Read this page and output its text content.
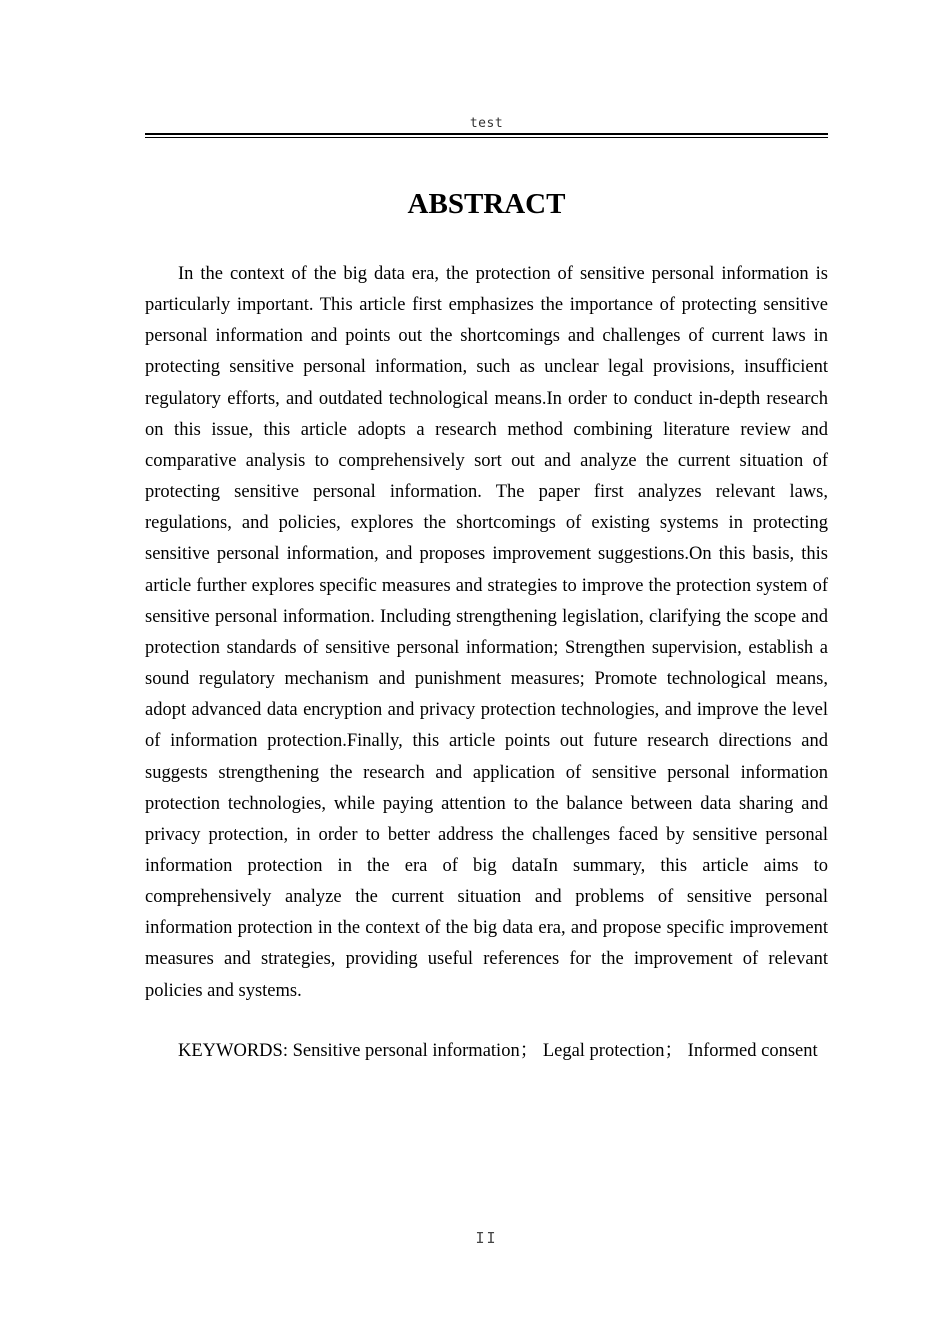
test
ABSTRACT

In the context of the big data era, the protection of sensitive personal information is particularly important. This article first emphasizes the importance of protecting sensitive personal information and points out the shortcomings and challenges of current laws in protecting sensitive personal information, such as unclear legal provisions, insufficient regulatory efforts, and outdated technological means.In order to conduct in-depth research on this issue, this article adopts a research method combining literature review and comparative analysis to comprehensively sort out and analyze the current situation of protecting sensitive personal information. The paper first analyzes relevant laws, regulations, and policies, explores the shortcomings of existing systems in protecting sensitive personal information, and proposes improvement suggestions.On this basis, this article further explores specific measures and strategies to improve the protection system of sensitive personal information. Including strengthening legislation, clarifying the scope and protection standards of sensitive personal information; Strengthen supervision, establish a sound regulatory mechanism and punishment measures; Promote technological means, adopt advanced data encryption and privacy protection technologies, and improve the level of information protection.Finally, this article points out future research directions and suggests strengthening the research and application of sensitive personal information protection technologies, while paying attention to the balance between data sharing and privacy protection, in order to better address the challenges faced by sensitive personal information protection in the era of big dataIn summary, this article aims to comprehensively analyze the current situation and problems of sensitive personal information protection in the context of the big data era, and propose specific improvement measures and strategies, providing useful references for the improvement of relevant policies and systems.

KEYWORDS: Sensitive personal information； Legal protection； Informed consent

II
